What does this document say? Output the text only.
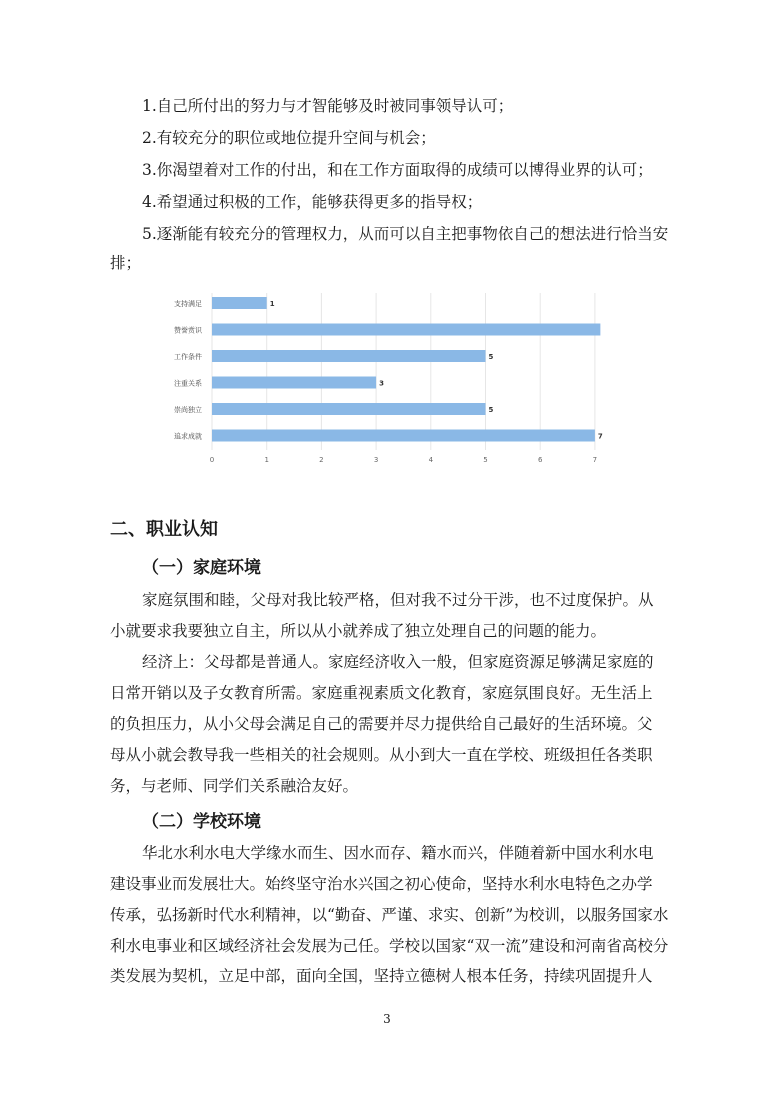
1.自己所付出的努力与才智能够及时被同事领导认可；
2.有较充分的职位或地位提升空间与机会；
3.你渴望着对工作的付出，和在工作方面取得的成绩可以博得业界的认可；
4.希望通过积极的工作，能够获得更多的指导权；
5.逐渐能有较充分的管理权力，从而可以自主把事物依自己的想法进行恰当安
排；
0	1	2	3	4	5	6	7
支持满足	1
赞誉赏识
工作条件	5
注重关系	3
崇尚独立	5
追求成就	7
二、职业认知
（一）家庭环境
家庭氛围和睦，父母对我比较严格，但对我不过分干涉，也不过度保护。从
小就要求我要独立自主，所以从小就养成了独立处理自己的问题的能力。
经济上：父母都是普通人。家庭经济收入一般，但家庭资源足够满足家庭的
日常开销以及子女教育所需。家庭重视素质文化教育，家庭氛围良好。无生活上
的负担压力，从小父母会满足自己的需要并尽力提供给自己最好的生活环境。父
母从小就会教导我一些相关的社会规则。从小到大一直在学校、班级担任各类职
务，与老师、同学们关系融洽友好。
（二）学校环境
华北水利水电大学缘水而生、因水而存、籍水而兴，伴随着新中国水利水电
建设事业而发展壮大。始终坚守治水兴国之初心使命，坚持水利水电特色之办学
传承，弘扬新时代水利精神，以“勤奋、严谨、求实、创新”为校训，以服务国家水
利水电事业和区域经济社会发展为己任。学校以国家“双一流”建设和河南省高校分
类发展为契机，立足中部，面向全国，坚持立德树人根本任务，持续巩固提升人
3
